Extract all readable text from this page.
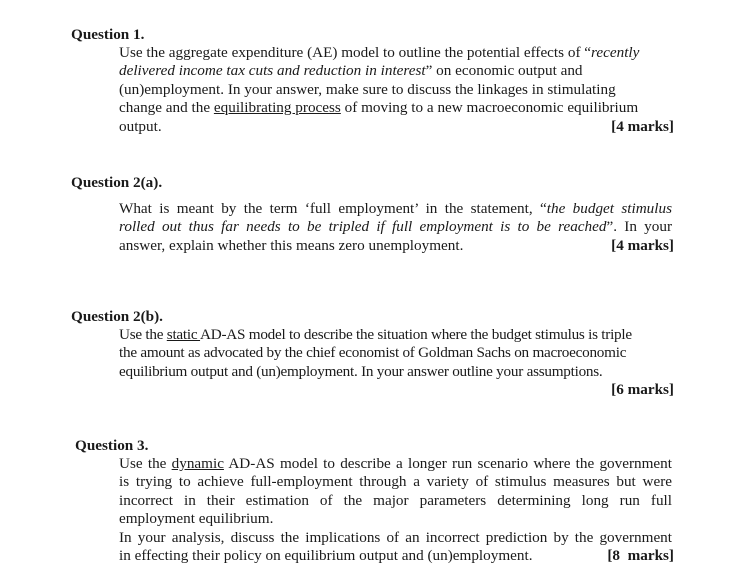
Question 1.
Use the aggregate expenditure (AE) model to outline the potential effects of “recently
delivered income tax cuts and reduction in interest” on economic output and
(un)employment. In your answer, make sure to discuss the linkages in stimulating
change and the equilibrating process of moving to a new macroeconomic equilibrium
output.	[4 marks]
Question 2(a).
What is meant by the term ‘full employment’ in the statement, “the budget stimulus
rolled out thus far needs to be tripled if full employment is to be reached”. In your
answer, explain whether this means zero unemployment.	[4 marks]
Question 2(b).
Use the static AD-AS model to describe the situation where the budget stimulus is triple
the amount as advocated by the chief economist of Goldman Sachs on macroeconomic
equilibrium output and (un)employment. In your answer outline your assumptions.
[6 marks]
Question 3.
Use the dynamic AD-AS model to describe a longer run scenario where the government
is trying to achieve full-employment through a variety of stimulus measures but were
incorrect in their estimation of the major parameters determining long run full
employment equilibrium.
In your analysis, discuss the implications of an incorrect prediction by the government
in effecting their policy on equilibrium output and (un)employment.	[8  marks]
